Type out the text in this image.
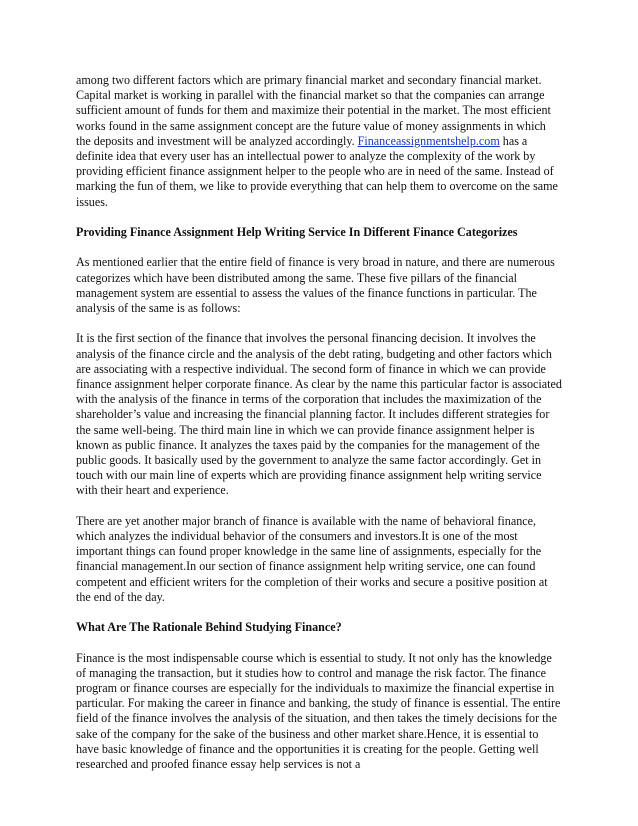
among two different factors which are primary financial market and secondary financial market. Capital market is working in parallel with the financial market so that the companies can arrange sufficient amount of funds for them and maximize their potential in the market. The most efficient works found in the same assignment concept are the future value of money assignments in which the deposits and investment will be analyzed accordingly. Financeassignmentshelp.com has a definite idea that every user has an intellectual power to analyze the complexity of the work by providing efficient finance assignment helper to the people who are in need of the same. Instead of marking the fun of them, we like to provide everything that can help them to overcome on the same issues.

Providing Finance Assignment Help Writing Service In Different Finance Categorizes

As mentioned earlier that the entire field of finance is very broad in nature, and there are numerous categorizes which have been distributed among the same. These five pillars of the financial management system are essential to assess the values of the finance functions in particular. The analysis of the same is as follows:

It is the first section of the finance that involves the personal financing decision. It involves the analysis of the finance circle and the analysis of the debt rating, budgeting and other factors which are associating with a respective individual. The second form of finance in which we can provide finance assignment helper corporate finance. As clear by the name this particular factor is associated with the analysis of the finance in terms of the corporation that includes the maximization of the shareholder’s value and increasing the financial planning factor. It includes different strategies for the same well-being. The third main line in which we can provide finance assignment helper is known as public finance. It analyzes the taxes paid by the companies for the management of the public goods. It basically used by the government to analyze the same factor accordingly. Get in touch with our main line of experts which are providing finance assignment help writing service with their heart and experience.

There are yet another major branch of finance is available with the name of behavioral finance, which analyzes the individual behavior of the consumers and investors.It is one of the most important things can found proper knowledge in the same line of assignments, especially for the financial management.In our section of finance assignment help writing service, one can found competent and efficient writers for the completion of their works and secure a positive position at the end of the day.

What Are The Rationale Behind Studying Finance?

Finance is the most indispensable course which is essential to study. It not only has the knowledge of managing the transaction, but it studies how to control and manage the risk factor. The finance program or finance courses are especially for the individuals to maximize the financial expertise in particular. For making the career in finance and banking, the study of finance is essential. The entire field of the finance involves the analysis of the situation, and then takes the timely decisions for the sake of the company for the sake of the business and other market share.Hence, it is essential to have basic knowledge of finance and the opportunities it is creating for the people. Getting well researched and proofed finance essay help services is not a
